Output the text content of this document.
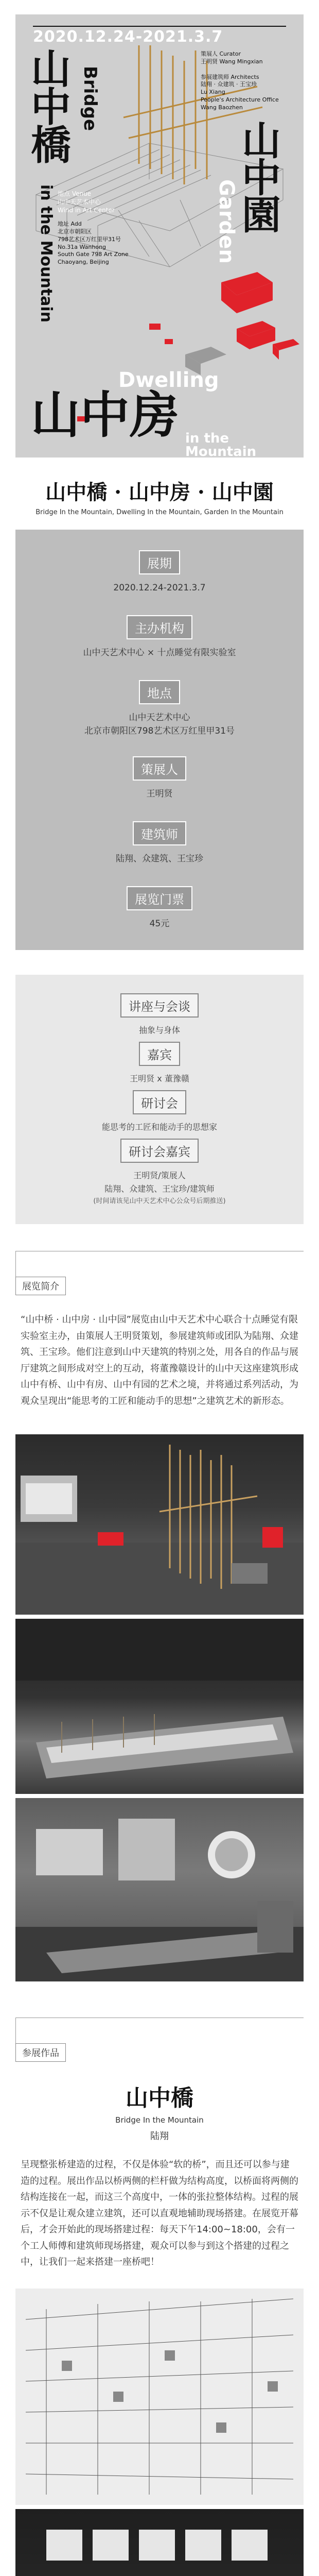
2020.12.24-2021.3.7
山中橋
Bridge
in the Mountain 地点 Venue
山中天艺术中心
Wind in Art Center
地址 Add
北京市朝阳区
798艺术区万红里甲31号
No.31a Wanhong
South Gate 798 Art Zone
Chaoyang, Beijing
策展人 Curator
王明贤 Wang Mingxian

参展建筑师 Architects
陆翔 · 众建筑 · 王宝珍
Lu Xiang
People's Architecture Office
Wang Baozhen
山中園
Garden
Dwelling
山中房 in the Mountain
山中橋 · 山中房 · 山中園
Bridge In the Mountain, Dwelling In the Mountain, Garden In the Mountain
展期
2020.12.24-2021.3.7
主办机构
山中天艺术中心 × 十点睡觉有限实验室
地点
山中天艺术中心
北京市朝阳区798艺术区万红里甲31号
策展人
王明贤
建筑师
陆翔、众建筑、王宝珍
展览门票
45元
讲座与会谈
抽象与身体
嘉宾
王明贤 x 董豫赣
研讨会
能思考的工匠和能动手的思想家
研讨会嘉宾
王明贤/策展人
陆翔、众建筑、王宝珍/建筑师
(时间请该见山中天艺术中心公众号后期推送)
展览简介
“山中桥 · 山中房 · 山中园”展览由山中天艺术中心联合十点睡觉有限实验室主办，由策展人王明贤策划，参展建筑师或团队为陆翔、众建筑、王宝珍。他们注意到山中天建筑的特别之处，用各自的作品与展厅建筑之间形成对空上的互动，将董豫赣设计的山中天这座建筑形成山中有桥、山中有房、山中有园的艺术之境，并将通过系列活动，为观众呈现出“能思考的工匠和能动手的思想”之建筑艺术的新形态。
参展作品
山中橋
Bridge In the Mountain
陆翔
呈现整张桥建造的过程，不仅是体验“软的桥”，而且还可以参与建造的过程。展出作品以桥两侧的栏杆做为结构高度，以桥面将两侧的结构连接在一起，而这三个高度中，一体的张拉整体结构。过程的展示不仅是让观众建立建筑，还可以直观地辅助现场搭建。在展览开幕后，才会开始此的现场搭建过程：每天下午14:00~18:00，会有一个工人师傅和建筑师现场搭建，观众可以参与到这个搭建的过程之中，让我们一起来搭建一座桥吧！
